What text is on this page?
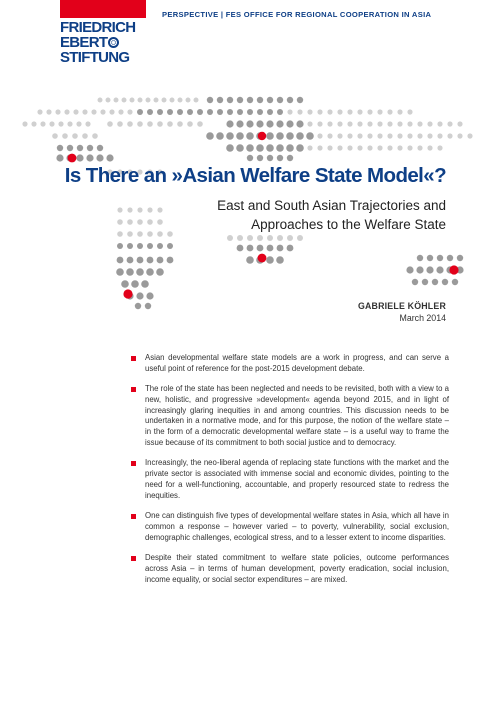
FRIEDRICH
EBERT
STIFTUNG
PERSPECTIVE | FES OFFICE FOR REGIONAL COOPERATION IN ASIA
Is There an »Asian Welfare State Model«?
East and South Asian Trajectories and Approaches to the Welfare State
GABRIELE KÖHLER
March 2014

Asian developmental welfare state models are a work in progress, and can serve a useful point of reference for the post-2015 development debate.

The role of the state has been neglected and needs to be revisited, both with a view to a new, holistic, and progressive »development« agenda beyond 2015, and in light of increasingly glaring inequities in and among countries. This discussion needs to be undertaken in a normative mode, and for this purpose, the notion of the welfare state – in the form of a democratic developmental welfare state – is a useful way to frame the issue because of its commitment to both social justice and to democracy.

Increasingly, the neo-liberal agenda of replacing state functions with the market and the private sector is associated with immense social and economic divides, pointing to the need for a well-functioning, accountable, and properly resourced state to redress the inequities.

One can distinguish five types of developmental welfare states in Asia, which all have in common a response – however varied – to poverty, vulnerability, social exclusion, demographic challenges, ecological stress, and to a lesser extent to income disparities.

Despite their stated commitment to welfare state policies, outcome performances across Asia – in terms of human development, poverty eradication, social inclusion, income equality, or social sector expenditures – are mixed.
